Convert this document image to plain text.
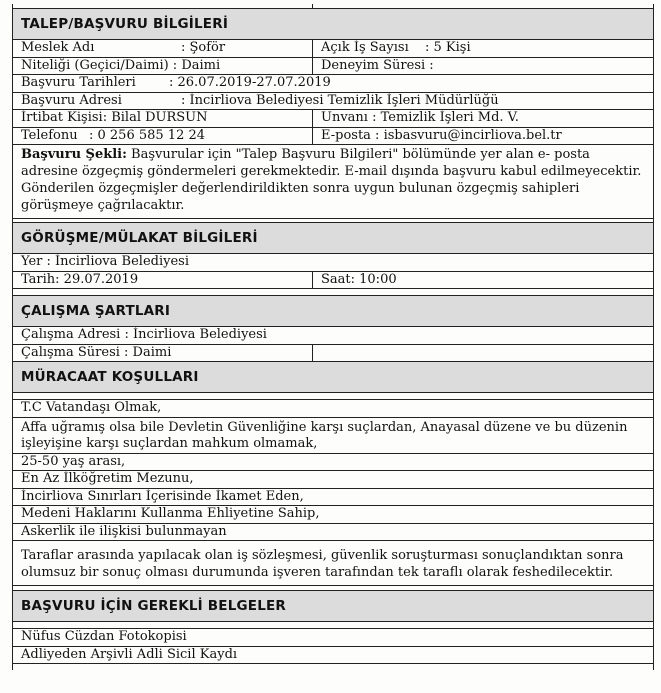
TALEP/BAŞVURU BİLGİLERİ
Meslek Adı	: Şoför	Açık İş Sayısı : 5 Kişi
Niteliği (Geçici/Daimi) : Daimi	Deneyim Süresi :
Başvuru Tarihleri	: 26.07.2019-27.07.2019
Başvuru Adresi	: İncirliova Belediyesi Temizlik İşleri Müdürlüğü
İrtibat Kişisi: Bilal DURSUN	Unvanı : Temizlik İşleri Md. V.
Telefonu : 0 256 585 12 24	E-posta : isbasvuru@incirliova.bel.tr
Başvuru Şekli: Başvurular için "Talep Başvuru Bilgileri" bölümünde yer alan e- posta adresine özgeçmiş göndermeleri gerekmektedir. E-mail dışında başvuru kabul edilmeyecektir. Gönderilen özgeçmişler değerlendirildikten sonra uygun bulunan özgeçmiş sahipleri görüşmeye çağrılacaktır.
GÖRÜŞME/MÜLAKAT BİLGİLERİ
Yer : İncirliova Belediyesi
Tarih: 29.07.2019	Saat: 10:00
ÇALIŞMA ŞARTLARI
Çalışma Adresi : İncirliova Belediyesi
Çalışma Süresi : Daimi
MÜRACAAT KOŞULLARI
T.C Vatandaşı Olmak,
Affa uğramış olsa bile Devletin Güvenliğine karşı suçlardan, Anayasal düzene ve bu düzenin işleyişine karşı suçlardan mahkum olmamak,
25-50 yaş arası,
En Az İlköğretim Mezunu,
İncirliova Sınırları İçerisinde İkamet Eden,
Medeni Haklarını Kullanma Ehliyetine Sahip,
Askerlik ile ilişkisi bulunmayan
Taraflar arasında yapılacak olan iş sözleşmesi, güvenlik soruşturması sonuçlandıktan sonra olumsuz bir sonuç olması durumunda işveren tarafından tek taraflı olarak feshedilecektir.
BAŞVURU İÇİN GEREKLİ BELGELER
Nüfus Cüzdan Fotokopisi
Adliyeden Arşivli Adli Sicil Kaydı
